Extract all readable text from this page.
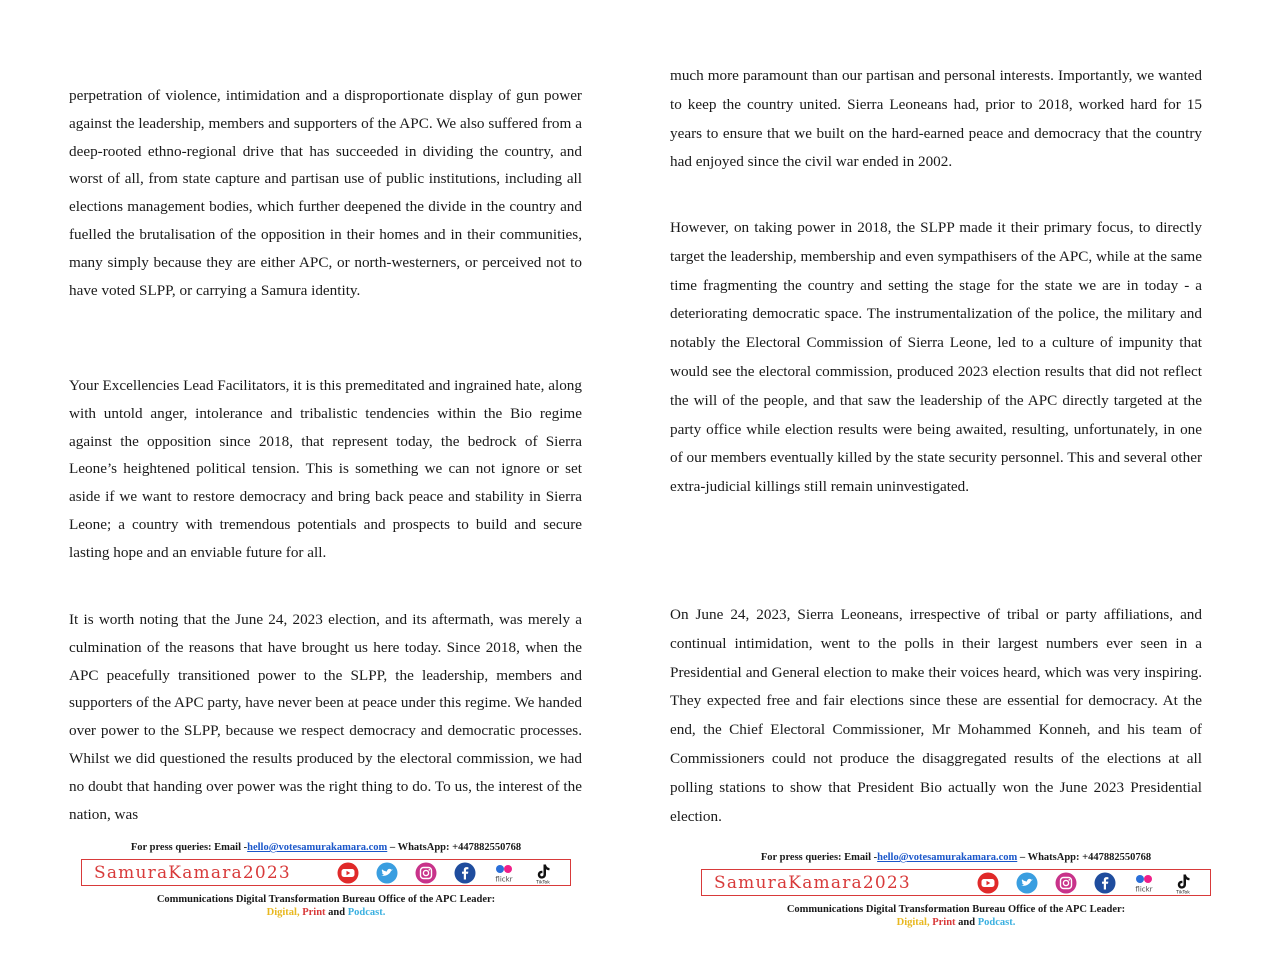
perpetration of violence, intimidation and a disproportionate display of gun power against the leadership, members and supporters of the APC. We also suffered from a deep-rooted ethno-regional drive that has succeeded in dividing the country, and worst of all, from state capture and partisan use of public institutions, including all elections management bodies, which further deepened the divide in the country and fuelled the brutalisation of the opposition in their homes and in their communities, many simply because they are either APC, or north-westerners, or perceived not to have voted SLPP, or carrying a Samura identity.

Your Excellencies Lead Facilitators, it is this premeditated and ingrained hate, along with untold anger, intolerance and tribalistic tendencies within the Bio regime against the opposition since 2018, that represent today, the bedrock of Sierra Leone’s heightened political tension. This is something we can not ignore or set aside if we want to restore democracy and bring back peace and stability in Sierra Leone; a country with tremendous potentials and prospects to build and secure lasting hope and an enviable future for all.

It is worth noting that the June 24, 2023 election, and its aftermath, was merely a culmination of the reasons that have brought us here today. Since 2018, when the APC peacefully transitioned power to the SLPP, the leadership, members and supporters of the APC party, have never been at peace under this regime. We handed over power to the SLPP, because we respect democracy and democratic processes. Whilst we did questioned the results produced by the electoral commission, we had no doubt that handing over power was the right thing to do. To us, the interest of the nation, was

For press queries: Email -hello@votesamurakamara.com – WhatsApp: +447882550768
SamuraKamara2023	flickr	TikTok
Communications Digital Transformation Bureau Office of the APC Leader:
Digital, Print and Podcast.

much more paramount than our partisan and personal interests. Importantly, we wanted to keep the country united. Sierra Leoneans had, prior to 2018, worked hard for 15 years to ensure that we built on the hard-earned peace and democracy that the country had enjoyed since the civil war ended in 2002.

However, on taking power in 2018, the SLPP made it their primary focus, to directly target the leadership, membership and even sympathisers of the APC, while at the same time fragmenting the country and setting the stage for the state we are in today - a deteriorating democratic space. The instrumentalization of the police, the military and notably the Electoral Commission of Sierra Leone, led to a culture of impunity that would see the electoral commission, produced 2023 election results that did not reflect the will of the people, and that saw the leadership of the APC directly targeted at the party office while election results were being awaited, resulting, unfortunately, in one of our members eventually killed by the state security personnel. This and several other extra-judicial killings still remain uninvestigated.

On June 24, 2023, Sierra Leoneans, irrespective of tribal or party affiliations, and continual intimidation, went to the polls in their largest numbers ever seen in a Presidential and General election to make their voices heard, which was very inspiring. They expected free and fair elections since these are essential for democracy. At the end, the Chief Electoral Commissioner, Mr Mohammed Konneh, and his team of Commissioners could not produce the disaggregated results of the elections at all polling stations to show that President Bio actually won the June 2023 Presidential election.

For press queries: Email -hello@votesamurakamara.com – WhatsApp: +447882550768
SamuraKamara2023	flickr	TikTok
Communications Digital Transformation Bureau Office of the APC Leader:
Digital, Print and Podcast.
